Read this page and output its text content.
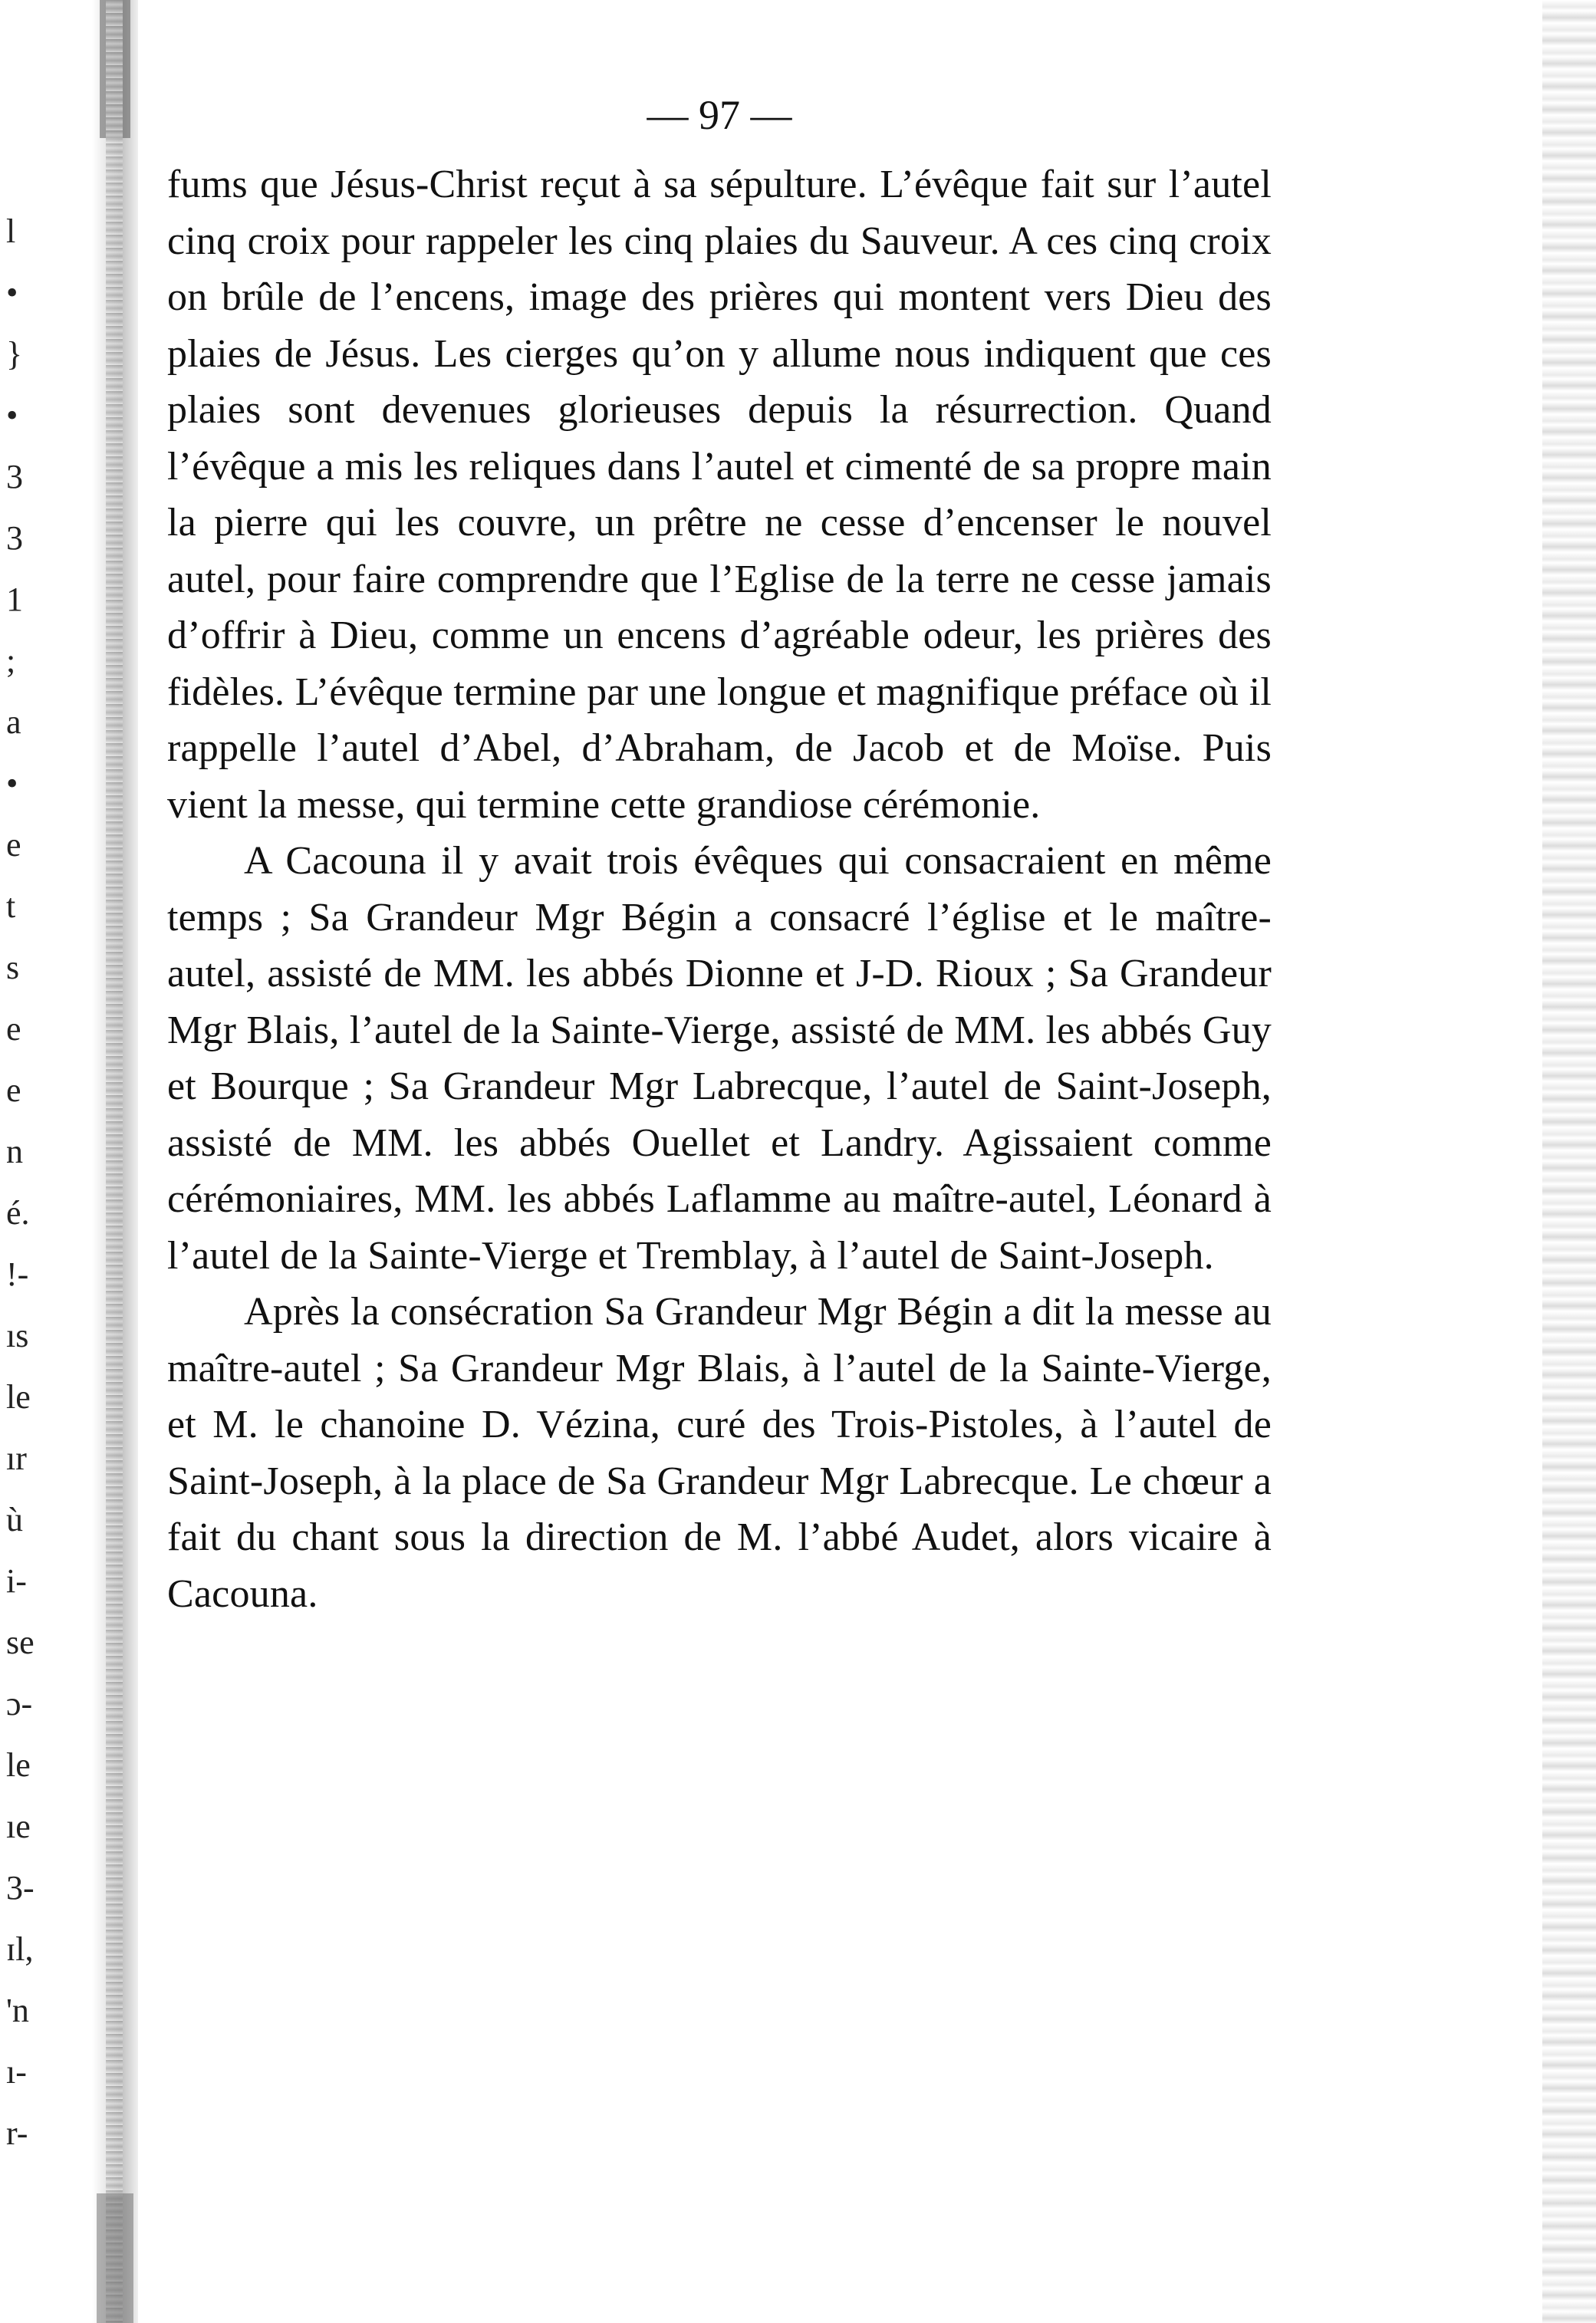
l
•
}
•
3
3
1
;
a
•
e
t
s
e
e
n
é.
!-
ıs
le
ır
ù
i-
se
ɔ-
le
ıe
3-
ɪl,
'n
ı-
r-
— 97 —

fums que Jésus-Christ reçut à sa sépulture. L’évêque fait sur l’autel cinq croix pour rappeler les cinq plaies du Sauveur. A ces cinq croix on brûle de l’encens, image des prières qui montent vers Dieu des plaies de Jésus. Les cierges qu’on y allume nous indiquent que ces plaies sont devenues glorieuses depuis la résurrection. Quand l’évêque a mis les reliques dans l’autel et cimenté de sa propre main la pierre qui les couvre, un prêtre ne cesse d’encenser le nouvel autel, pour faire comprendre que l’Eglise de la terre ne cesse jamais d’offrir à Dieu, comme un encens d’agréable odeur, les prières des fidèles. L’évêque termine par une longue et magnifique préface où il rappelle l’autel d’Abel, d’Abraham, de Jacob et de Moïse. Puis vient la messe, qui termine cette grandiose cérémonie.

A Cacouna il y avait trois évêques qui consacraient en même temps ; Sa Grandeur Mgr Bégin a consacré l’église et le maître-autel, assisté de MM. les abbés Dionne et J-D. Rioux ; Sa Grandeur Mgr Blais, l’autel de la Sainte-Vierge, assisté de MM. les abbés Guy et Bourque ; Sa Grandeur Mgr Labrecque, l’autel de Saint-Joseph, assisté de MM. les abbés Ouellet et Landry. Agissaient comme cérémoniaires, MM. les abbés Laflamme au maître-autel, Léonard à l’autel de la Sainte-Vierge et Tremblay, à l’autel de Saint-Joseph.

Après la consécration Sa Grandeur Mgr Bégin a dit la messe au maître-autel ; Sa Grandeur Mgr Blais, à l’autel de la Sainte-Vierge, et M. le chanoine D. Vézina, curé des Trois-Pistoles, à l’autel de Saint-Joseph, à la place de Sa Grandeur Mgr Labrecque. Le chœur a fait du chant sous la direction de M. l’abbé Audet, alors vicaire à Cacouna.
